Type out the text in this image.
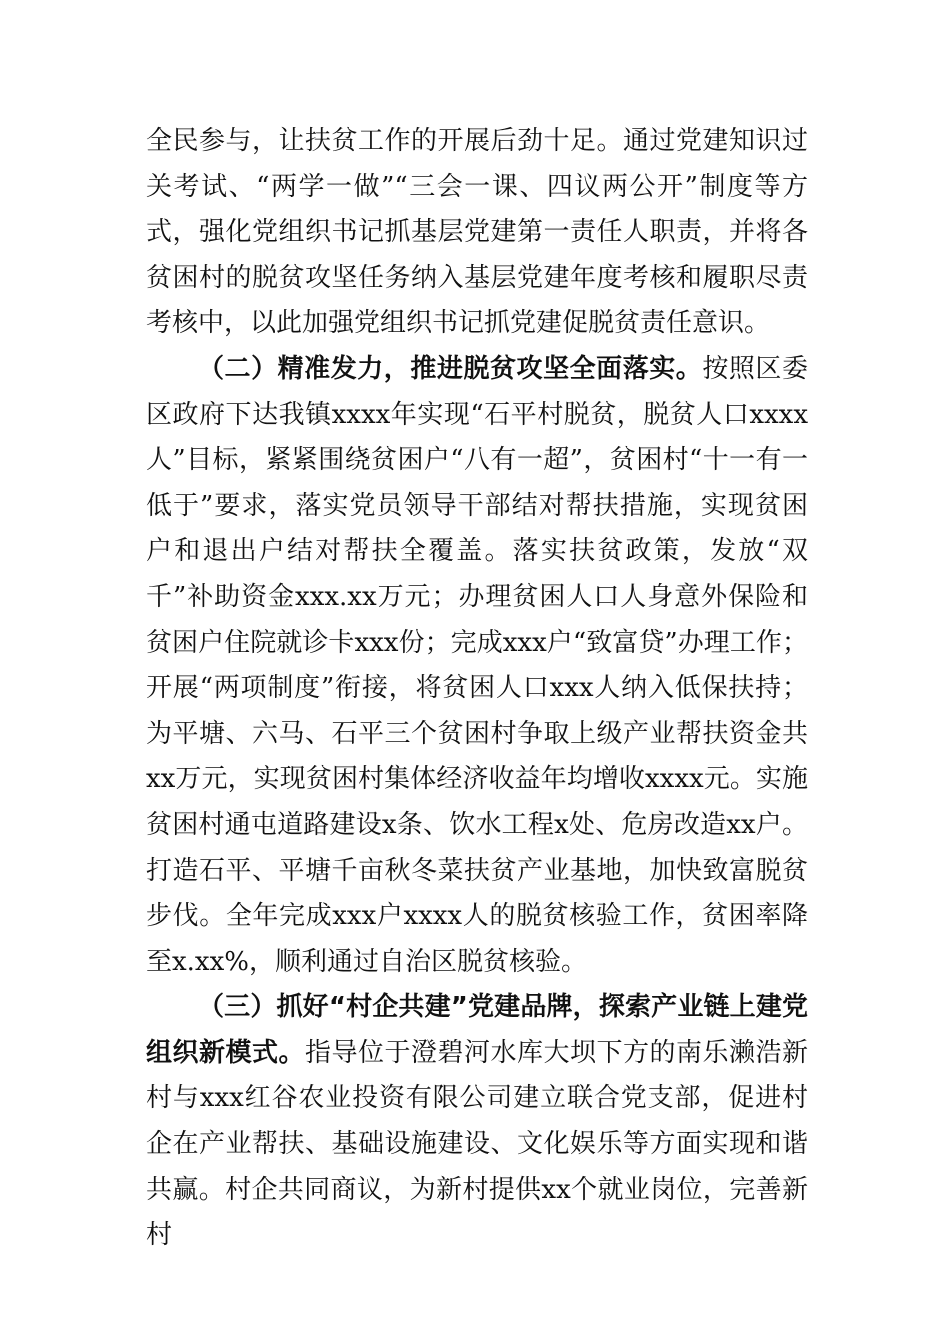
全民参与，让扶贫工作的开展后劲十足。通过党建知识过关考试、“两学一做”“三会一课、四议两公开”制度等方式，强化党组织书记抓基层党建第一责任人职责，并将各贫困村的脱贫攻坚任务纳入基层党建年度考核和履职尽责考核中，以此加强党组织书记抓党建促脱贫责任意识。

（二）精准发力，推进脱贫攻坚全面落实。按照区委区政府下达我镇xxxx年实现“石平村脱贫，脱贫人口xxxx人”目标，紧紧围绕贫困户“八有一超”，贫困村“十一有一低于”要求，落实党员领导干部结对帮扶措施，实现贫困户和退出户结对帮扶全覆盖。落实扶贫政策，发放“双千”补助资金xxx.xx万元；办理贫困人口人身意外保险和贫困户住院就诊卡xxx份；完成xxx户“致富贷”办理工作；开展“两项制度”衔接，将贫困人口xxx人纳入低保扶持；为平塘、六马、石平三个贫困村争取上级产业帮扶资金共xx万元，实现贫困村集体经济收益年均增收xxxx元。实施贫困村通屯道路建设x条、饮水工程x处、危房改造xx户。打造石平、平塘千亩秋冬菜扶贫产业基地，加快致富脱贫步伐。全年完成xxx户xxxx人的脱贫核验工作，贫困率降至x.xx%，顺利通过自治区脱贫核验。

（三）抓好“村企共建”党建品牌，探索产业链上建党组织新模式。指导位于澄碧河水库大坝下方的南乐濑浩新村与xxx红谷农业投资有限公司建立联合党支部，促进村企在产业帮扶、基础设施建设、文化娱乐等方面实现和谐共赢。村企共同商议，为新村提供xx个就业岗位，完善新村
